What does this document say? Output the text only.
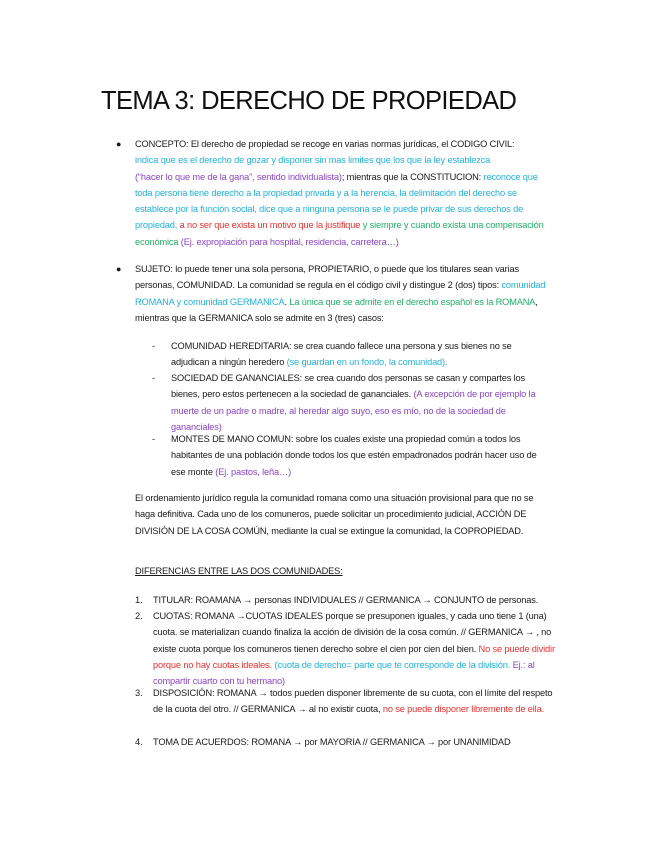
TEMA 3: DERECHO DE PROPIEDAD
● CONCEPTO: El derecho de propiedad se recoge en varias normas jurídicas, el CODIGO CIVIL:
indica que es el derecho de gozar y disponer sin mas limites que los que la ley establezca
(“hacer lo que me de la gana”, sentido individualista); mientras que la CONSTITUCION: reconoce que toda persona tiene derecho a la propiedad privada y a la herencia, la delimitación del derecho se establece por la función social, dice que a ninguna persona se le puede privar de sus derechos de propiedad, a no ser que exista un motivo que la justifique y siempre y cuando exista una compensación económica (Ej. expropiación para hospital, residencia, carretera…)

● SUJETO: lo puede tener una sola persona, PROPIETARIO, o puede que los titulares sean varias personas, COMUNIDAD. La comunidad se regula en el código civil y distingue 2 (dos) tipos: comunidad ROMANA y comunidad GERMANICA. La única que se admite en el derecho español es la ROMANA, mientras que la GERMANICA solo se admite en 3 (tres) casos:

- COMUNIDAD HEREDITARIA: se crea cuando fallece una persona y sus bienes no se adjudican a ningún heredero (se guardan en un fondo, la comunidad).

- SOCIEDAD DE GANANCIALES: se crea cuando dos personas se casan y compartes los bienes, pero estos pertenecen a la sociedad de gananciales. (A excepción de por ejemplo la muerte de un padre o madre, al heredar algo suyo, eso es mío, no de la sociedad de gananciales)

- MONTES DE MANO COMUN: sobre los cuales existe una propiedad común a todos los habitantes de una población donde todos los que estén empadronados podrán hacer uso de ese monte (Ej. pastos, leña…)

El ordenamiento jurídico regula la comunidad romana como una situación provisional para que no se haga definitiva. Cada uno de los comuneros, puede solicitar un procedimiento judicial, ACCIÓN DE DIVISIÓN DE LA COSA COMÚN, mediante la cual se extingue la comunidad, la COPROPIEDAD.

DIFERENCIAS ENTRE LAS DOS COMUNIDADES:

1. TITULAR: ROAMANA → personas INDIVIDUALES // GERMANICA → CONJUNTO de personas.

2. CUOTAS: ROMANA →CUOTAS IDEALES porque se presuponen iguales, y cada uno tiene 1 (una) cuota. se materializan cuando finaliza la acción de división de la cosa común. // GERMANICA → , no existe cuota porque los comuneros tienen derecho sobre el cien por cien del bien. No se puede dividir porque no hay cuotas ideales. (cuota de derecho= parte que te corresponde de la división. Ej.: al compartir cuarto con tu hermano)

3. DISPOSICIÓN: ROMANA → todos pueden disponer libremente de su cuota, con el límite del respeto de la cuota del otro. // GERMANICA → al no existir cuota, no se puede disponer libremente de ella.

4. TOMA DE ACUERDOS: ROMANA → por MAYORIA // GERMANICA → por UNANIMIDAD
